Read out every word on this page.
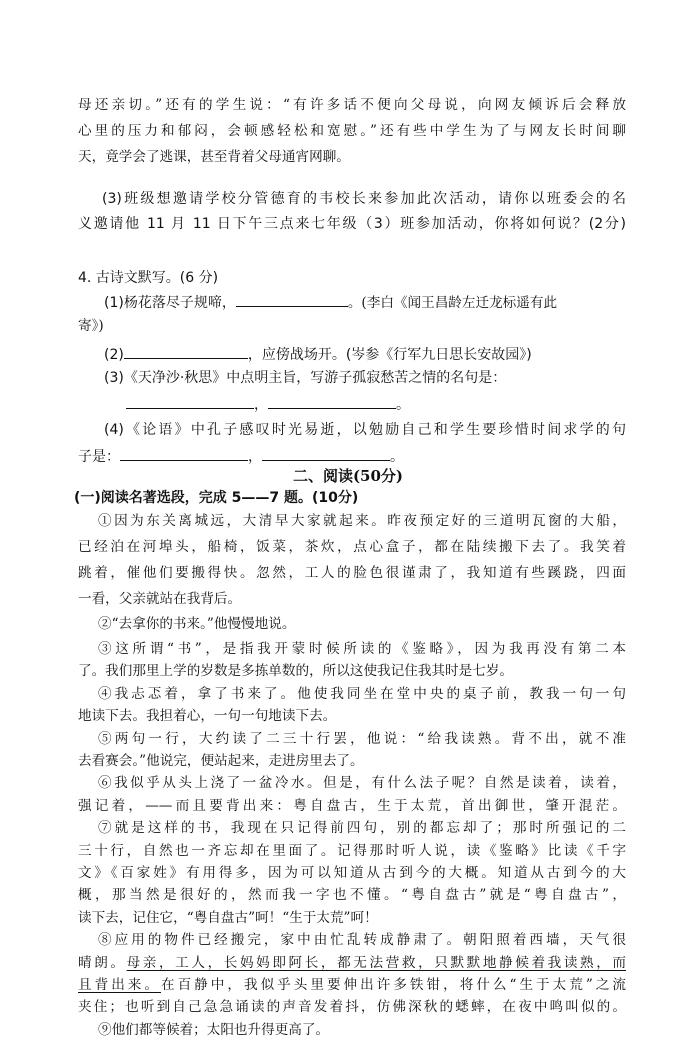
母还亲切。”还有的学生说：“有许多话不便向父母说，向网友倾诉后会释放
心里的压力和郁闷，会顿感轻松和宽慰。”还有些中学生为了与网友长时间聊
天，竟学会了逃课，甚至背着父母通宵网聊。
(3)班级想邀请学校分管德育的韦校长来参加此次活动，请你以班委会的名
义邀请他 11 月 11 日下午三点来七年级（3）班参加活动，你将如何说？(2分)
4. 古诗文默写。(6 分)
(1)杨花落尽子规啼，	。(李白《闻王昌龄左迁龙标遥有此
寄》)
(2)	，应傍战场开。(岑参《行军九日思长安故园》)
(3)《天净沙·秋思》中点明主旨，写游子孤寂愁苦之情的名句是：
，	。
(4)《论语》中孔子感叹时光易逝，以勉励自己和学生要珍惜时间求学的句
子是：	，	。
二、阅读(50分)
(一)阅读名著选段，完成 5——7 题。(10分)
①因为东关离城远，大清早大家就起来。昨夜预定好的三道明瓦窗的大船，
已经泊在河埠头，船椅，饭菜，茶炊，点心盒子，都在陆续搬下去了。我笑着
跳着，催他们要搬得快。忽然，工人的脸色很谨肃了，我知道有些蹊跷，四面
一看，父亲就站在我背后。
②“去拿你的书来。”他慢慢地说。
③这所谓“书”，是指我开蒙时候所读的《鉴略》，因为我再没有第二本
了。我们那里上学的岁数是多拣单数的，所以这使我记住我其时是七岁。
④我忐忑着，拿了书来了。他使我同坐在堂中央的桌子前，教我一句一句
地读下去。我担着心，一句一句地读下去。
⑤两句一行，大约读了二三十行罢，他说：“给我读熟。背不出，就不准
去看赛会。”他说完，便站起来，走进房里去了。
⑥我似乎从头上浇了一盆冷水。但是，有什么法子呢？自然是读着，读着，
强记着，——而且要背出来：粤自盘古，生于太荒，首出御世，肇开混茫。
⑦就是这样的书，我现在只记得前四句，别的都忘却了；那时所强记的二
三十行，自然也一齐忘却在里面了。记得那时听人说，读《鉴略》比读《千字
文》《百家姓》有用得多，因为可以知道从古到今的大概。知道从古到今的大
概，那当然是很好的，然而我一字也不懂。“粤自盘古”就是“粤自盘古”，
读下去，记住它，“粤自盘古”呵！“生于太荒”呵！
⑧应用的物件已经搬完，家中由忙乱转成静肃了。朝阳照着西墙，天气很
晴朗。母亲，工人，长妈妈即阿长，都无法营救，只默默地静候着我读熟，而
且背出来。在百静中，我似乎头里要伸出许多铁钳，将什么“生于太荒”之流
夹住；也听到自己急急诵读的声音发着抖，仿佛深秋的蟋蟀，在夜中鸣叫似的。
⑨他们都等候着；太阳也升得更高了。
